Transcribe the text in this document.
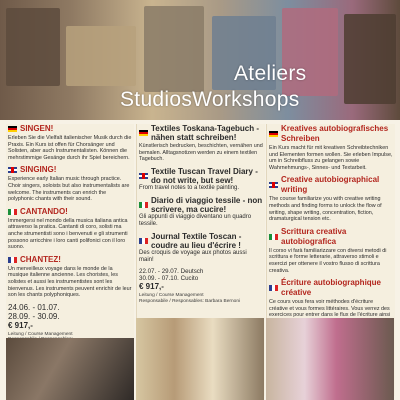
Ateliers
StudiosWorkshops
SINGEN!
Erleben Sie die Vielfalt italienischer Musik durch die Praxis. Ein Kurs ist offen für Chorsänger und Solisten, aber auch Instrumentalisten. Können die mehrstimmige Gesänge durch ihr Spiel bereichern.
SINGING!
Experience early Italian music through practice. Choir singers, soloists but also instrumentalists are welcome. The instruments can enrich the polyphonic chants with their sound.
CANTANDO!
Immergersi nel mondo della musica italiana antica attraverso la pratica. Cantanti di coro, solisti ma anche strumentisti sono i benvenuti e gli strumenti possono arricchire i loro canti polifonici con il loro suono.
CHANTEZ!
Un merveilleux voyage dans le monde de la musique italienne ancienne. Les choristes, les solistes et aussi les instrumentistes sont les bienvenus. Les instruments peuvent enrichir de leur son les chants polyphoniques.
24.06. - 01.07.
28.09. - 30.09.
€ 917,-
Leitung / Course Management

Textiles Toskana-Tagebuch - nähen statt schreiben!
Künstlerisch bedrucken, beschichten, vernähen und bemalen. Alltagsnotizen werden zu einem textilen Tagebuch.
Textile Tuscan Travel Diary - do not write, but sew!
From travel notes to a textile painting.
Diario di viaggio tessile - non scrivere, ma cucire!
Gli appunti di viaggio diventano un quadro tessile.
Journal Textile Toscan - coudre au lieu d'écrire !
Des croquis de voyage aux photos aussi main!
22.07. - 29.07. Deutsch
30.09. - 07.10. Cucito
€ 917,-
Leitung / Course Management
Responsabile / Responsables: Barbara Bernoni
Kreatives autobiografisches Schreiben
Ein Kurs macht für mit kreativen Schreibtechniken und Elementen formen wollen. Sie erleben Impulse, um in Schreibfluss zu gelangen sowie Wahrnehmungs-, Sinnes- und Textarbeit.
Creative autobiographical writing
The course familiarize you with creative writing methods and finding forms to unlock the flow of writing, shape writing, concentration, fiction, dramaturgical tension etc.
Scrittura creativa autobiografica
Il corso vi farà familiarizzare con diversi metodi di scrittura e forme letterarie, attraverso stimoli e esercizi per ottenere il vostro flusso di scrittura creativa.
Écriture autobiographique créative
Ce cours vous fera voir méthodes d'écriture créative et vous formes littéraires. Vous verrez des exercices pour entrer dans le flux de l'écriture ainsi
